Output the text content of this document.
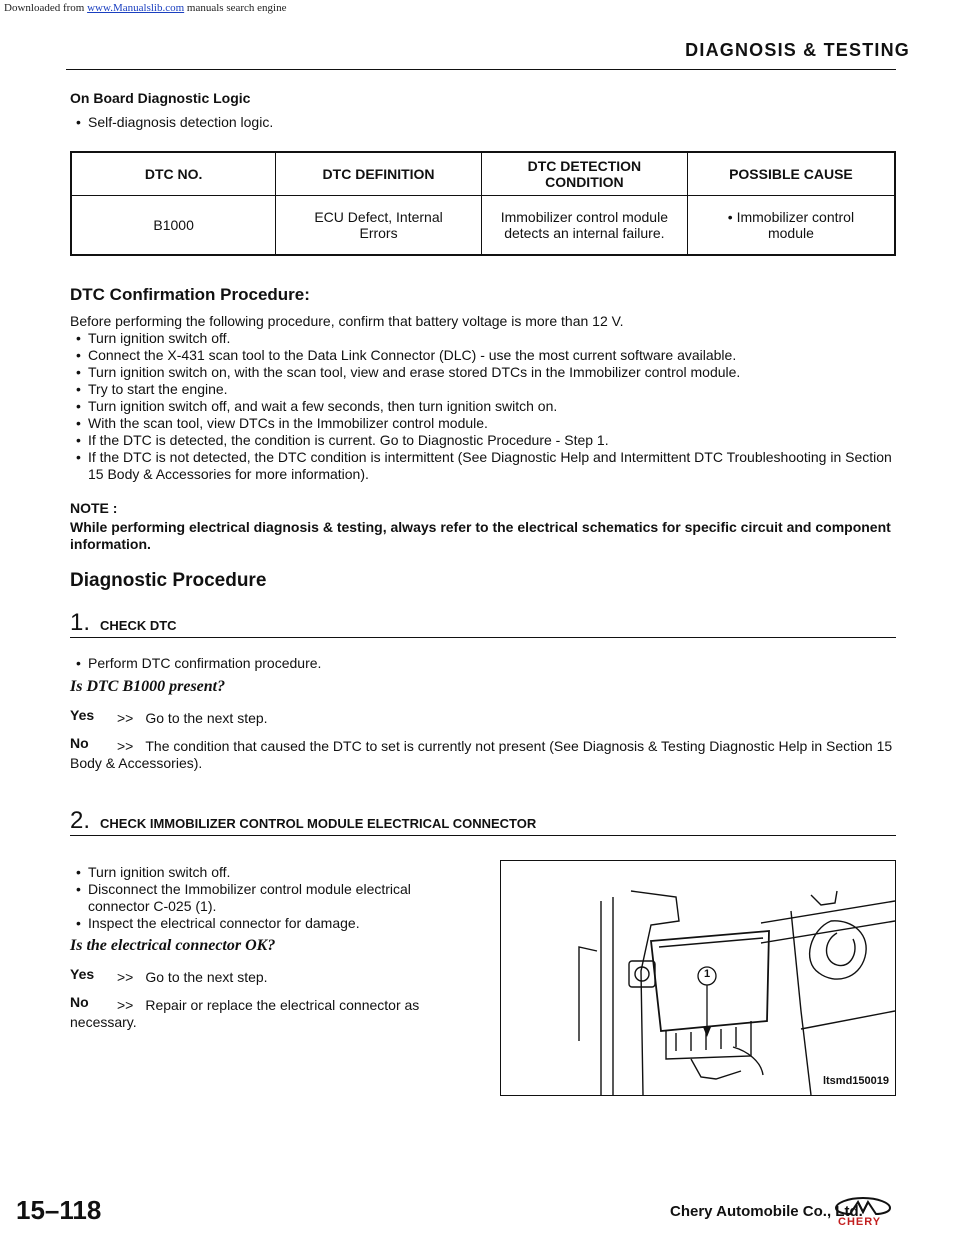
Downloaded from www.Manualslib.com manuals search engine
DIAGNOSIS & TESTING
On Board Diagnostic Logic
• Self-diagnosis detection logic.
DTC NO.	DTC DEFINITION	DTC DETECTION CONDITION	POSSIBLE CAUSE
B1000	ECU Defect, Internal Errors	Immobilizer control module detects an internal failure.	• Immobilizer control module
DTC Confirmation Procedure:
Before performing the following procedure, confirm that battery voltage is more than 12 V.
• Turn ignition switch off.
• Connect the X-431 scan tool to the Data Link Connector (DLC) - use the most current software available.
• Turn ignition switch on, with the scan tool, view and erase stored DTCs in the Immobilizer control module.
• Try to start the engine.
• Turn ignition switch off, and wait a few seconds, then turn ignition switch on.
• With the scan tool, view DTCs in the Immobilizer control module.
• If the DTC is detected, the condition is current. Go to Diagnostic Procedure - Step 1.
• If the DTC is not detected, the DTC condition is intermittent (See Diagnostic Help and Intermittent DTC Troubleshooting in Section 15 Body & Accessories for more information).
NOTE :
While performing electrical diagnosis & testing, always refer to the electrical schematics for specific circuit and component information.
Diagnostic Procedure
1. CHECK DTC
• Perform DTC confirmation procedure.
Is DTC B1000 present?
Yes >> Go to the next step.
No	>> The condition that caused the DTC to set is currently not present (See Diagnosis & Testing Diagnostic Help in Section 15 Body & Accessories).
2. CHECK IMMOBILIZER CONTROL MODULE ELECTRICAL CONNECTOR
• Turn ignition switch off.
• Disconnect the Immobilizer control module electrical connector C-025 (1).
• Inspect the electrical connector for damage.
Is the electrical connector OK?
Yes >> Go to the next step.
No	>> Repair or replace the electrical connector as necessary.
1
ltsmd150019
15–118	Chery Automobile Co., Ltd.
CHERY
